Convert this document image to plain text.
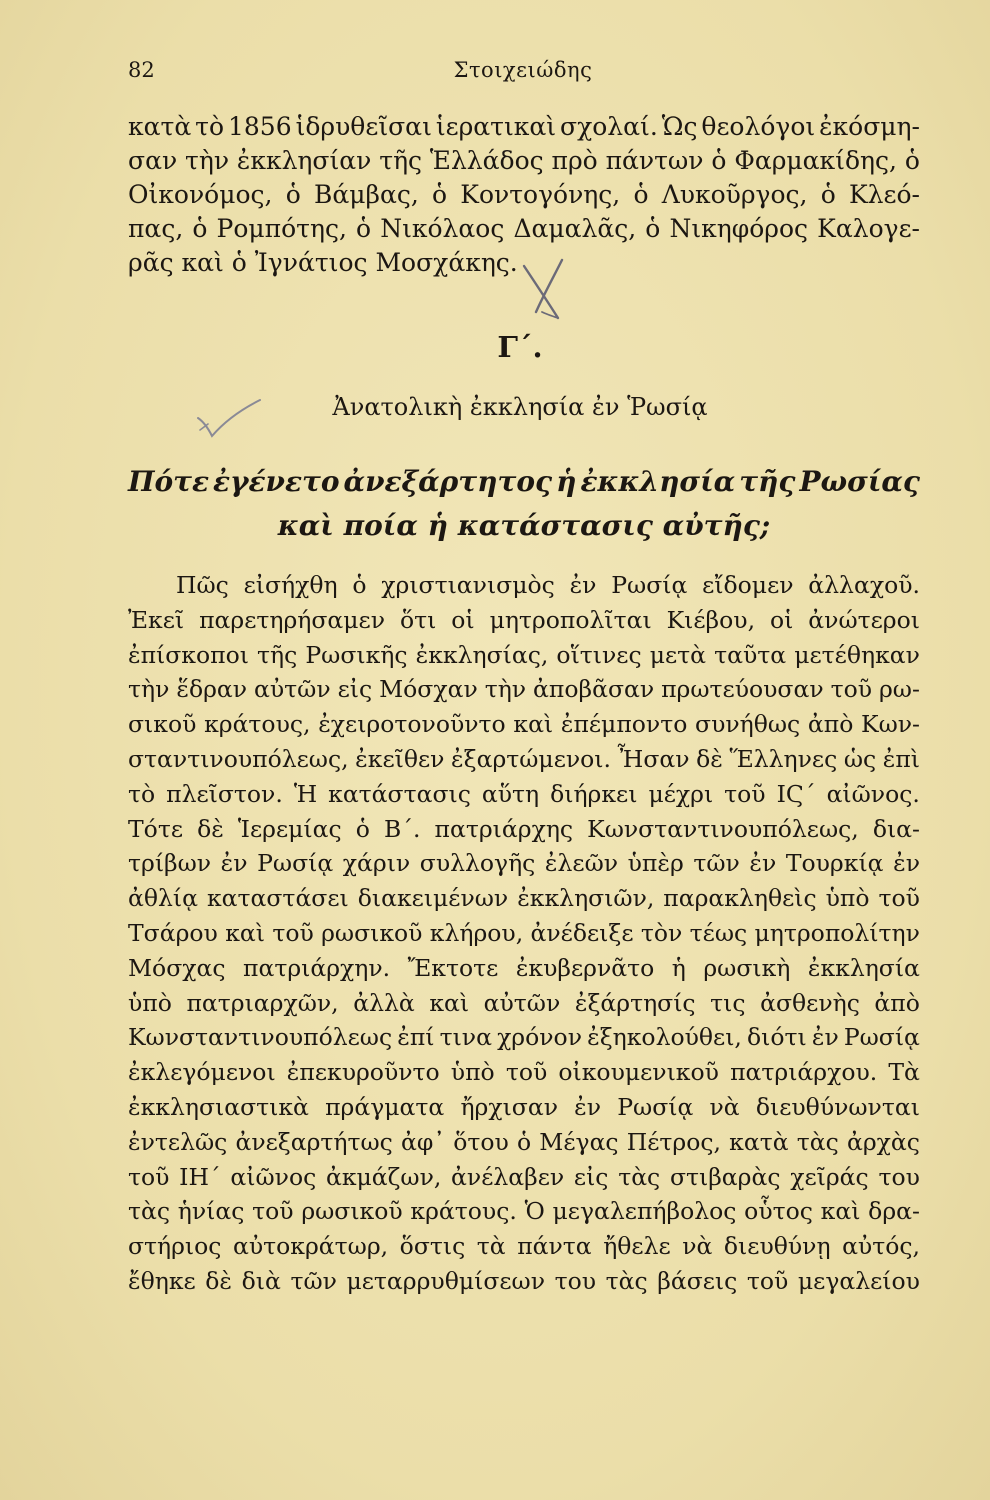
82	Στοιχειώδης
κατὰ τὸ 1856 ἱδρυθεῖσαι ἱερατικαὶ σχολαί. Ὡς θεολόγοι ἐκόσμη-
σαν τὴν ἐκκλησίαν τῆς Ἑλλάδος πρὸ πάντων ὁ Φαρμακίδης, ὁ
Οἰκονόμος, ὁ Βάμβας, ὁ Κοντογόνης, ὁ Λυκοῦργος, ὁ Κλεό-
πας, ὁ Ρομπότης, ὁ Νικόλαος Δαμαλᾶς, ὁ Νικηφόρος Καλογε-
ρᾶς καὶ ὁ Ἰγνάτιος Μοσχάκης.
Γ΄.
Ἀνατολικὴ ἐκκλησία ἐν Ῥωσίᾳ
Πότε ἐγένετο ἀνεξάρτητος ἡ ἐκκλησία τῆς Ρωσίας
καὶ ποία ἡ κατάστασις αὐτῆς;
Πῶς εἰσήχθη ὁ χριστιανισμὸς ἐν Ρωσίᾳ εἴδομεν ἀλλαχοῦ.
Ἐκεῖ παρετηρήσαμεν ὅτι οἱ μητροπολῖται Κιέβου, οἱ ἀνώτεροι
ἐπίσκοποι τῆς Ρωσικῆς ἐκκλησίας, οἵτινες μετὰ ταῦτα μετέθηκαν
τὴν ἕδραν αὐτῶν εἰς Μόσχαν τὴν ἀποβᾶσαν πρωτεύουσαν τοῦ ρω-
σικοῦ κράτους, ἐχειροτονοῦντο καὶ ἐπέμποντο συνήθως ἀπὸ Κων-
σταντινουπόλεως, ἐκεῖθεν ἐξαρτώμενοι. Ἦσαν δὲ Ἕλληνες ὡς ἐπὶ
τὸ πλεῖστον. Ἡ κατάστασις αὕτη διήρκει μέχρι τοῦ ΙϚ΄ αἰῶνος.
Τότε δὲ Ἱερεμίας ὁ Β΄. πατριάρχης Κωνσταντινουπόλεως, δια-
τρίβων ἐν Ρωσίᾳ χάριν συλλογῆς ἐλεῶν ὑπὲρ τῶν ἐν Τουρκίᾳ ἐν
ἀθλίᾳ καταστάσει διακειμένων ἐκκλησιῶν, παρακληθεὶς ὑπὸ τοῦ
Τσάρου καὶ τοῦ ρωσικοῦ κλήρου, ἀνέδειξε τὸν τέως μητροπολίτην
Μόσχας πατριάρχην. Ἔκτοτε ἐκυβερνᾶτο ἡ ρωσικὴ ἐκκλησία
ὑπὸ πατριαρχῶν, ἀλλὰ καὶ αὐτῶν ἐξάρτησίς τις ἀσθενὴς ἀπὸ
Κωνσταντινουπόλεως ἐπί τινα χρόνον ἐξηκολούθει, διότι ἐν Ρωσίᾳ
ἐκλεγόμενοι ἐπεκυροῦντο ὑπὸ τοῦ οἰκουμενικοῦ πατριάρχου. Τὰ
ἐκκλησιαστικὰ πράγματα ἤρχισαν ἐν Ρωσίᾳ νὰ διευθύνωνται
ἐντελῶς ἀνεξαρτήτως ἀφ᾿ ὅτου ὁ Μέγας Πέτρος, κατὰ τὰς ἀρχὰς
τοῦ ΙΗ΄ αἰῶνος ἀκμάζων, ἀνέλαβεν εἰς τὰς στιβαρὰς χεῖράς του
τὰς ἡνίας τοῦ ρωσικοῦ κράτους. Ὁ μεγαλεπήβολος οὗτος καὶ δρα-
στήριος αὐτοκράτωρ, ὅστις τὰ πάντα ἤθελε νὰ διευθύνῃ αὐτός,
ἔθηκε δὲ διὰ τῶν μεταρρυθμίσεων του τὰς βάσεις τοῦ μεγαλείου
